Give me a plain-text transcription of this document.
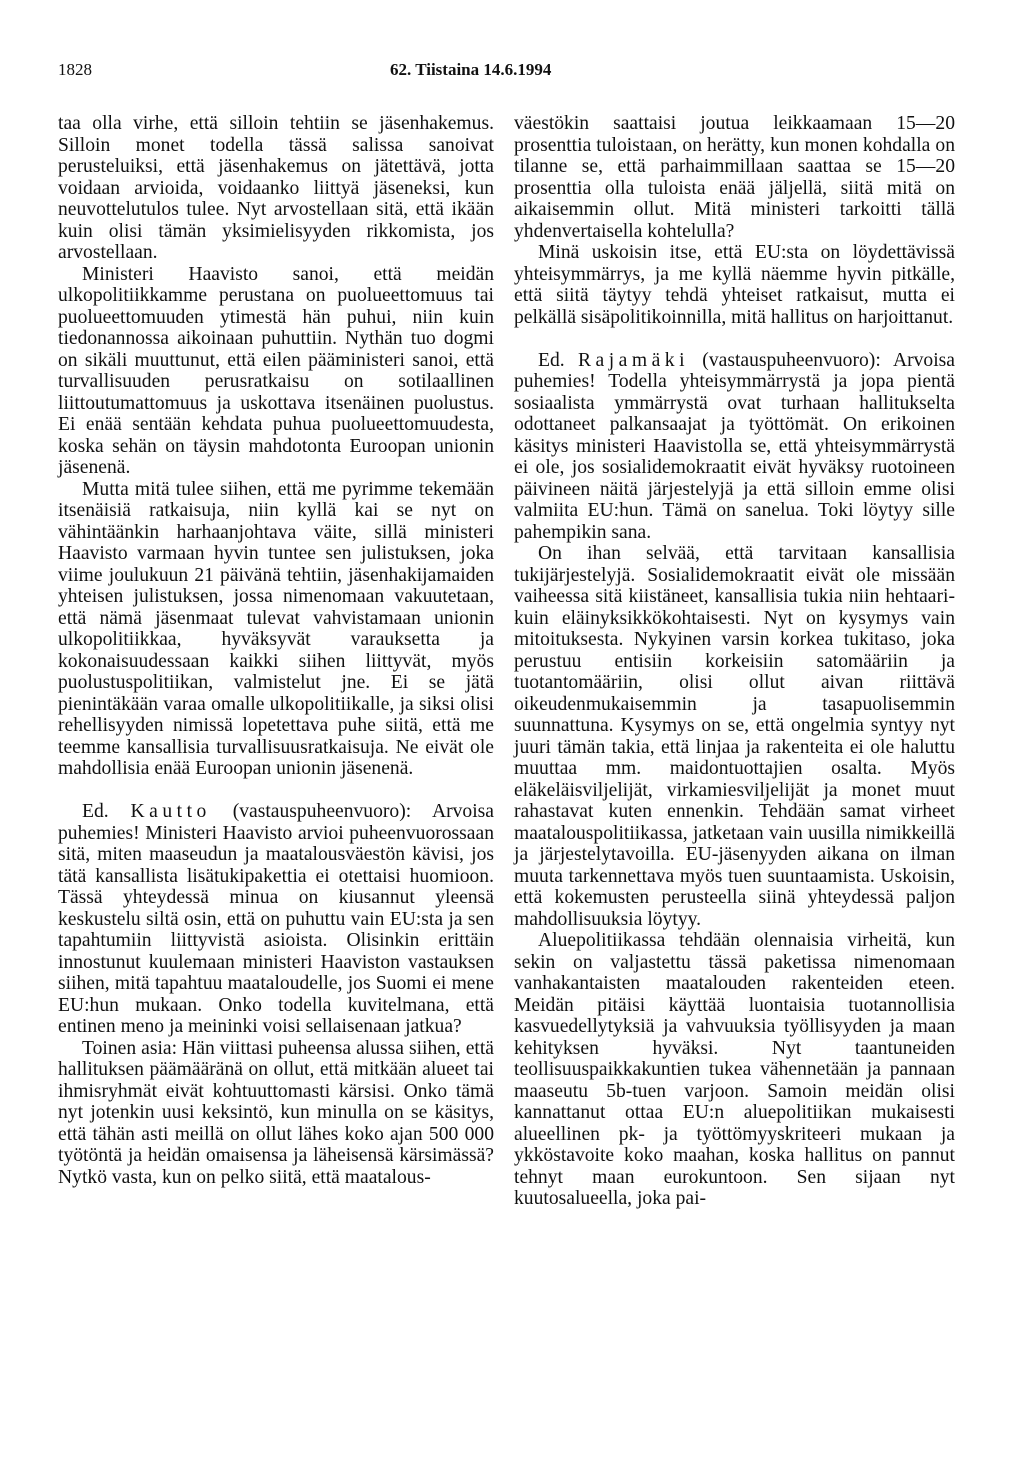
1828	62. Tiistaina 14.6.1994

taa olla virhe, että silloin tehtiin se jäsenhakemus. Silloin monet todella tässä salissa sanoivat perusteluiksi, että jäsenhakemus on jätettävä, jotta voidaan arvioida, voidaanko liittyä jäseneksi, kun neuvottelutulos tulee. Nyt arvostellaan sitä, että ikään kuin olisi tämän yksimielisyyden rikkomista, jos arvostellaan.

Ministeri Haavisto sanoi, että meidän ulkopolitiikkamme perustana on puolueettomuus tai puolueettomuuden ytimestä hän puhui, niin kuin tiedonannossa aikoinaan puhuttiin. Nythän tuo dogmi on sikäli muuttunut, että eilen pääministeri sanoi, että turvallisuuden perusratkaisu on sotilaallinen liittoutumattomuus ja uskottava itsenäinen puolustus. Ei enää sentään kehdata puhua puolueettomuudesta, koska sehän on täysin mahdotonta Euroopan unionin jäsenenä.

Mutta mitä tulee siihen, että me pyrimme tekemään itsenäisiä ratkaisuja, niin kyllä kai se nyt on vähintäänkin harhaanjohtava väite, sillä ministeri Haavisto varmaan hyvin tuntee sen julistuksen, joka viime joulukuun 21 päivänä tehtiin, jäsenhakijamaiden yhteisen julistuksen, jossa nimenomaan vakuutetaan, että nämä jäsenmaat tulevat vahvistamaan unionin ulkopolitiikkaa, hyväksyvät varauksetta ja kokonaisuudessaan kaikki siihen liittyvät, myös puolustuspolitiikan, valmistelut jne. Ei se jätä pienintäkään varaa omalle ulkopolitiikalle, ja siksi olisi rehellisyyden nimissä lopetettava puhe siitä, että me teemme kansallisia turvallisuusratkaisuja. Ne eivät ole mahdollisia enää Euroopan unionin jäsenenä.

Ed. Kautto (vastauspuheenvuoro): Arvoisa puhemies! Ministeri Haavisto arvioi puheenvuorossaan sitä, miten maaseudun ja maatalousväestön kävisi, jos tätä kansallista lisätukipakettia ei otettaisi huomioon. Tässä yhteydessä minua on kiusannut yleensä keskustelu siltä osin, että on puhuttu vain EU:sta ja sen tapahtumiin liittyvistä asioista. Olisinkin erittäin innostunut kuulemaan ministeri Haaviston vastauksen siihen, mitä tapahtuu maataloudelle, jos Suomi ei mene EU:hun mukaan. Onko todella kuvitelmana, että entinen meno ja meininki voisi sellaisenaan jatkua?

Toinen asia: Hän viittasi puheensa alussa siihen, että hallituksen päämääränä on ollut, että mitkään alueet tai ihmisryhmät eivät kohtuuttomasti kärsisi. Onko tämä nyt jotenkin uusi keksintö, kun minulla on se käsitys, että tähän asti meillä on ollut lähes koko ajan 500 000 työtöntä ja heidän omaisensa ja läheisensä kärsimässä? Nytkö vasta, kun on pelko siitä, että maatalous-

väestökin saattaisi joutua leikkaamaan 15—20 prosenttia tuloistaan, on herätty, kun monen kohdalla on tilanne se, että parhaimmillaan saattaa se 15—20 prosenttia olla tuloista enää jäljellä, siitä mitä on aikaisemmin ollut. Mitä ministeri tarkoitti tällä yhdenvertaisella kohtelulla?

Minä uskoisin itse, että EU:sta on löydettävissä yhteisymmärrys, ja me kyllä näemme hyvin pitkälle, että siitä täytyy tehdä yhteiset ratkaisut, mutta ei pelkällä sisäpolitikoinnilla, mitä hallitus on harjoittanut.

Ed. Rajamäki (vastauspuheenvuoro): Arvoisa puhemies! Todella yhteisymmärrystä ja jopa pientä sosiaalista ymmärrystä ovat turhaan hallitukselta odottaneet palkansaajat ja työttömät. On erikoinen käsitys ministeri Haavistolla se, että yhteisymmärrystä ei ole, jos sosialidemokraatit eivät hyväksy ruotoineen päivineen näitä järjestelyjä ja että silloin emme olisi valmiita EU:hun. Tämä on sanelua. Toki löytyy sille pahempikin sana.

On ihan selvää, että tarvitaan kansallisia tukijärjestelyjä. Sosialidemokraatit eivät ole missään vaiheessa sitä kiistäneet, kansallisia tukia niin hehtaari- kuin eläinyksikkökohtaisesti. Nyt on kysymys vain mitoituksesta. Nykyinen varsin korkea tukitaso, joka perustuu entisiin korkeisiin satomääriin ja tuotantomääriin, olisi ollut aivan riittävä oikeudenmukaisemmin ja tasapuolisemmin suunnattuna. Kysymys on se, että ongelmia syntyy nyt juuri tämän takia, että linjaa ja rakenteita ei ole haluttu muuttaa mm. maidontuottajien osalta. Myös eläkeläisviljelijät, virkamiesviljelijät ja monet muut rahastavat kuten ennenkin. Tehdään samat virheet maatalouspolitiikassa, jatketaan vain uusilla nimikkeillä ja järjestelytavoilla. EU-jäsenyyden aikana on ilman muuta tarkennettava myös tuen suuntaamista. Uskoisin, että kokemusten perusteella siinä yhteydessä paljon mahdollisuuksia löytyy.

Aluepolitiikassa tehdään olennaisia virheitä, kun sekin on valjastettu tässä paketissa nimenomaan vanhakantaisten maatalouden rakenteiden eteen. Meidän pitäisi käyttää luontaisia tuotannollisia kasvuedellytyksiä ja vahvuuksia työllisyyden ja maan kehityksen hyväksi. Nyt taantuneiden teollisuuspaikkakuntien tukea vähennetään ja pannaan maaseutu 5b-tuen varjoon. Samoin meidän olisi kannattanut ottaa EU:n aluepolitiikan mukaisesti alueellinen pk- ja työttömyyskriteeri mukaan ja ykköstavoite koko maahan, koska hallitus on pannut tehnyt maan eurokuntoon. Sen sijaan nyt kuutosalueella, joka pai-
